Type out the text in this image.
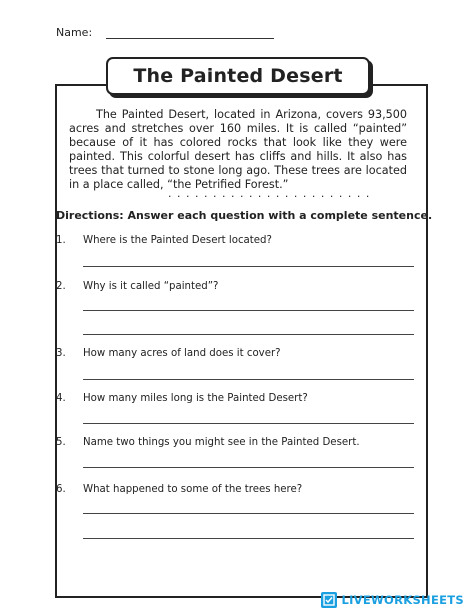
Name:
The Painted Desert

The Painted Desert, located in Arizona, covers 93,500 acres and stretches over 160 miles. It is called “painted” because of it has colored rocks that look like they were painted. This colorful desert has cliffs and hills. It also has trees that turned to stone long ago. These trees are located in a place called, “the Petrified Forest.”

. . . . . . . . . . . . . . . . . . . . . . .
Directions: Answer each question with a complete sentence.
1. Where is the Painted Desert located?
2. Why is it called “painted”?
3. How many acres of land does it cover?
4. How many miles long is the Painted Desert?
5. Name two things you might see in the Painted Desert.
6. What happened to some of the trees here?
LIVEWORKSHEETS
